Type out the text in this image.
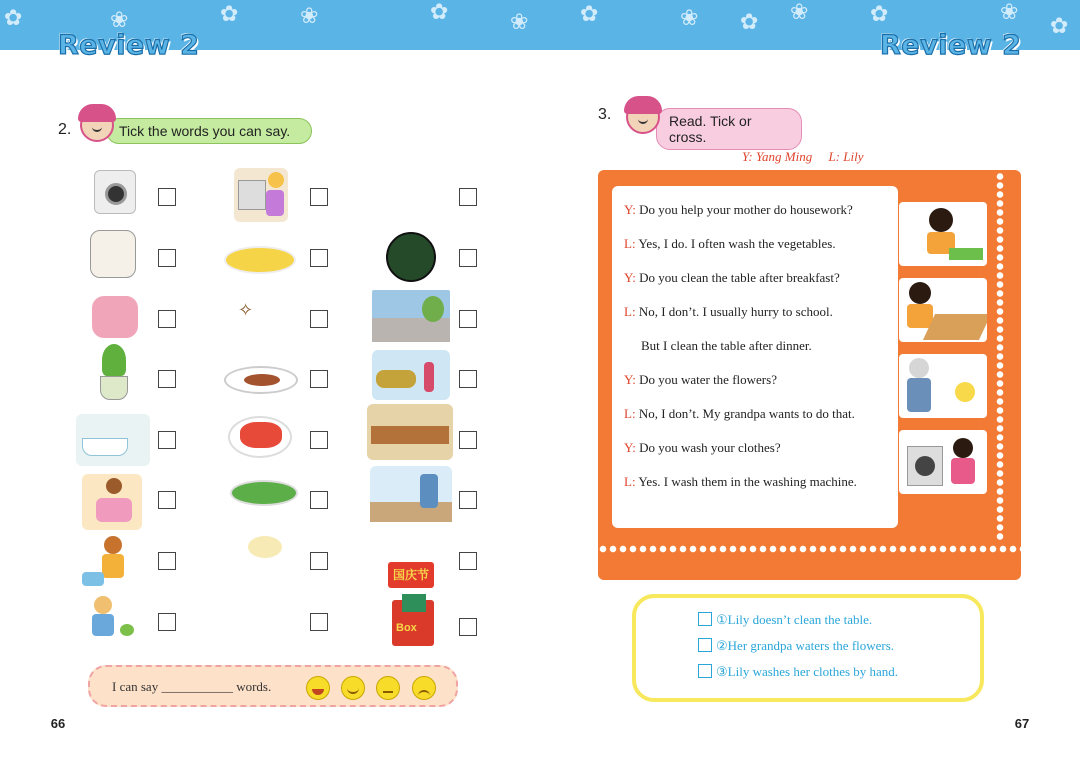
✿	❀	✿	❀	✿	❀ ✿	❀ ✿ ❀	✿	❀
✿
Review 2	Review 2
2.	Tick the words you can say.
✧
国庆节
Box
I can say ___________ words.
❀ 66
3.	Read. Tick or cross.
Y: Yang Ming     L: Lily
Y: Do you help your mother do housework?
L: Yes, I do. I often wash the vegetables.
Y: Do you clean the table after breakfast?
L: No, I don’t. I usually hurry to school.
But I clean the table after dinner.
Y: Do you water the flowers?
L: No, I don’t. My grandpa wants to do that.
Y: Do you wash your clothes?
L: Yes. I wash them in the washing machine.
①Lily doesn’t clean the table.
②Her grandpa waters the flowers.
③Lily washes her clothes by hand.
❀ 67
